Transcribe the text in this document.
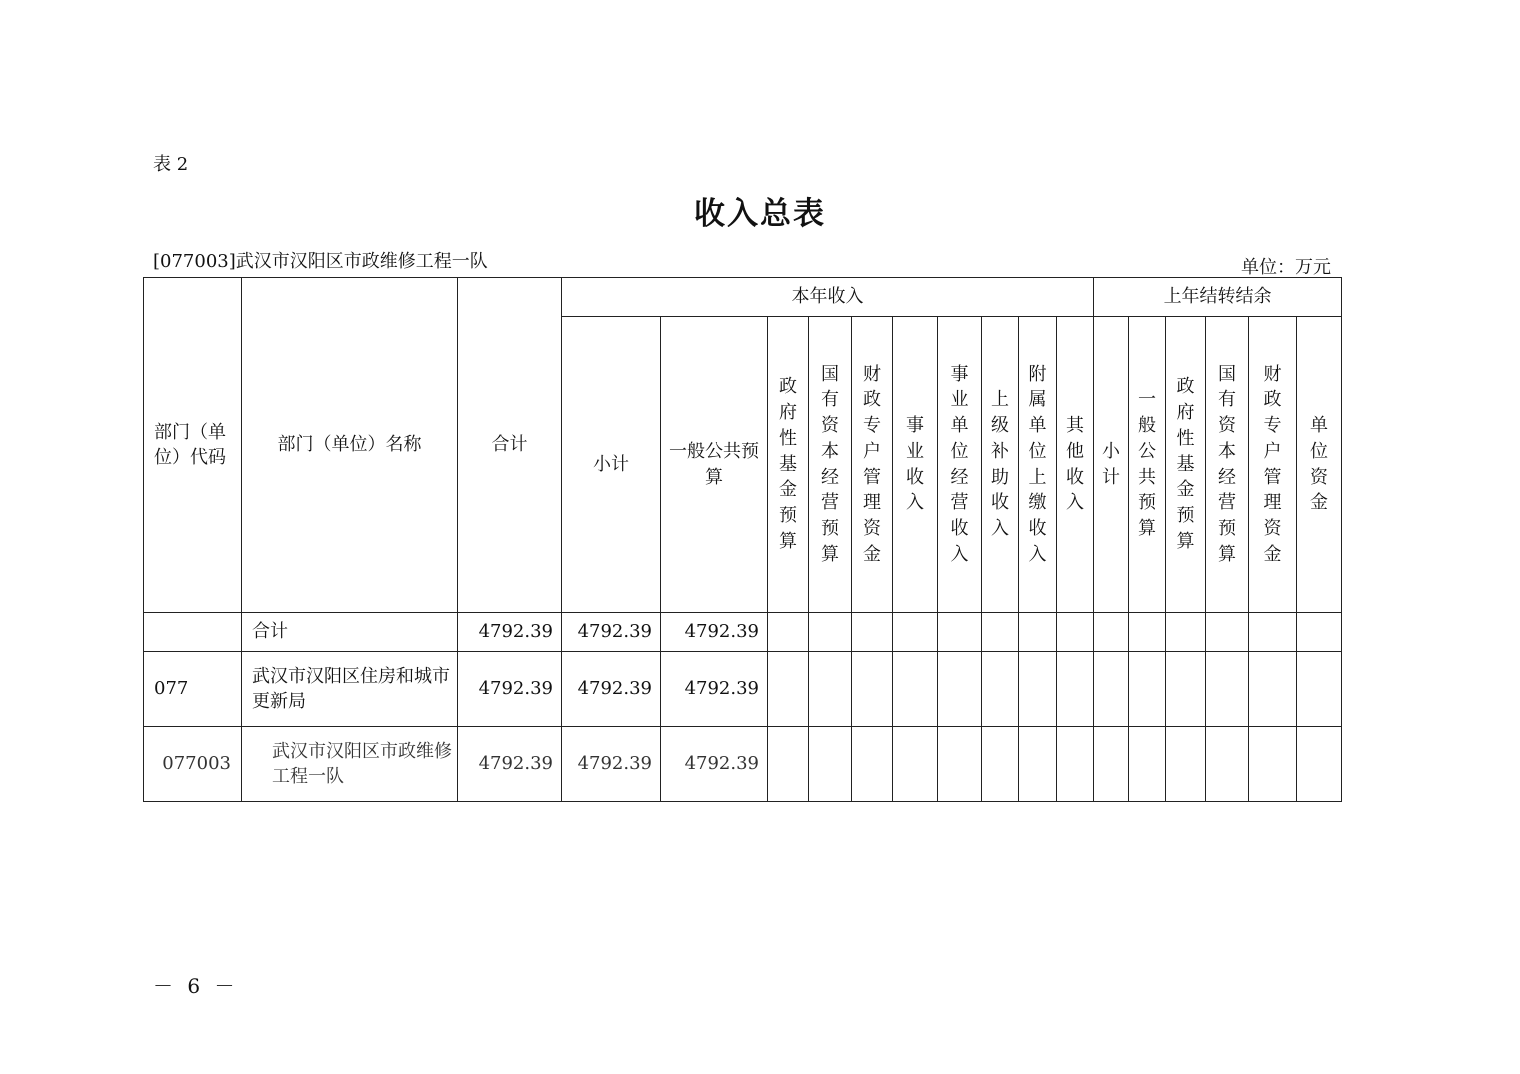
表 2
收入总表
[077003]武汉市汉阳区市政维修工程一队	单位：万元
部门（单位）代码	部门（单位）名称	合计	本年收入										上年结转结余					
			小计	一般公共预算	政府性基金预算	国有资本经营预算	财政专户管理资金	事业收入	事业单位经营收入	上级补助收入	附属单位上缴收入	其他收入	小计	一般公共预算	政府性基金预算	国有资本经营预算	财政专户管理资金	单位资金

	合计	4792.39	4792.39	4792.39														
077	武汉市汉阳区住房和城市更新局	4792.39	4792.39	4792.39														
077003	武汉市汉阳区市政维修工程一队	4792.39	4792.39	4792.39														
－ 6 －
